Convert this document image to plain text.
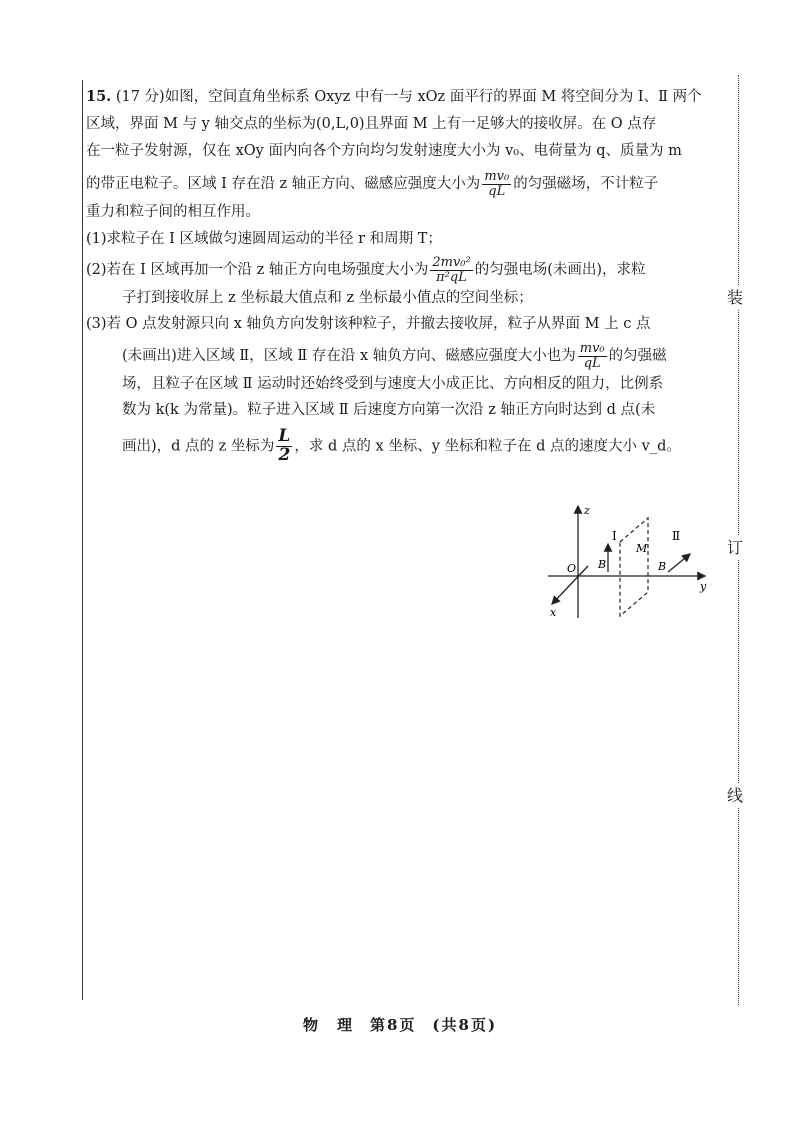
装
订
线

15. (17 分)如图，空间直角坐标系 Oxyz 中有一与 xOz 面平行的界面 M 将空间分为 Ⅰ、Ⅱ 两个

区域，界面 M 与 y 轴交点的坐标为(0,L,0)且界面 M 上有一足够大的接收屏。在 O 点存

在一粒子发射源，仅在 xOy 面内向各个方向均匀发射速度大小为 v₀、电荷量为 q、质量为 m

的带正电粒子。区域 Ⅰ 存在沿 z 轴正方向、磁感应强度大小为 $\frac{\text{mv₀}}{qL}$ 的匀强磁场，不计粒子

重力和粒子间的相互作用。

(1)求粒子在 Ⅰ 区域做匀速圆周运动的半径 r 和周期 T；

(2)若在 Ⅰ 区域再加一个沿 z 轴正方向电场强度大小为 $\frac{\text{2mv₀²}}{\text{π²qL}}$ 的匀强电场(未画出)，求粒

子打到接收屏上 z 坐标最大值点和 z 坐标最小值点的空间坐标；

(3)若 O 点发射源只向 x 轴负方向发射该种粒子，并撤去接收屏，粒子从界面 M 上 c 点

(未画出)进入区域 Ⅱ，区域 Ⅱ 存在沿 x 轴负方向、磁感应强度大小也为 $\frac{\text{mv₀}}{qL}$ 的匀强磁

场，且粒子在区域 Ⅱ 运动时还始终受到与速度大小成正比、方向相反的阻力，比例系

数为 k(k 为常量)。粒子进入区域 Ⅱ 后速度方向第一次沿 z 轴正方向时达到 d 点(未

画出)，d 点的 z 坐标为 $\frac{L}{2}$ ，求 d 点的 x 坐标、y 坐标和粒子在 d 点的速度大小 v_d。

z
y
x
O
Ⅰ	Ⅱ
M
B	B
物　理 第8页 (共8页)
